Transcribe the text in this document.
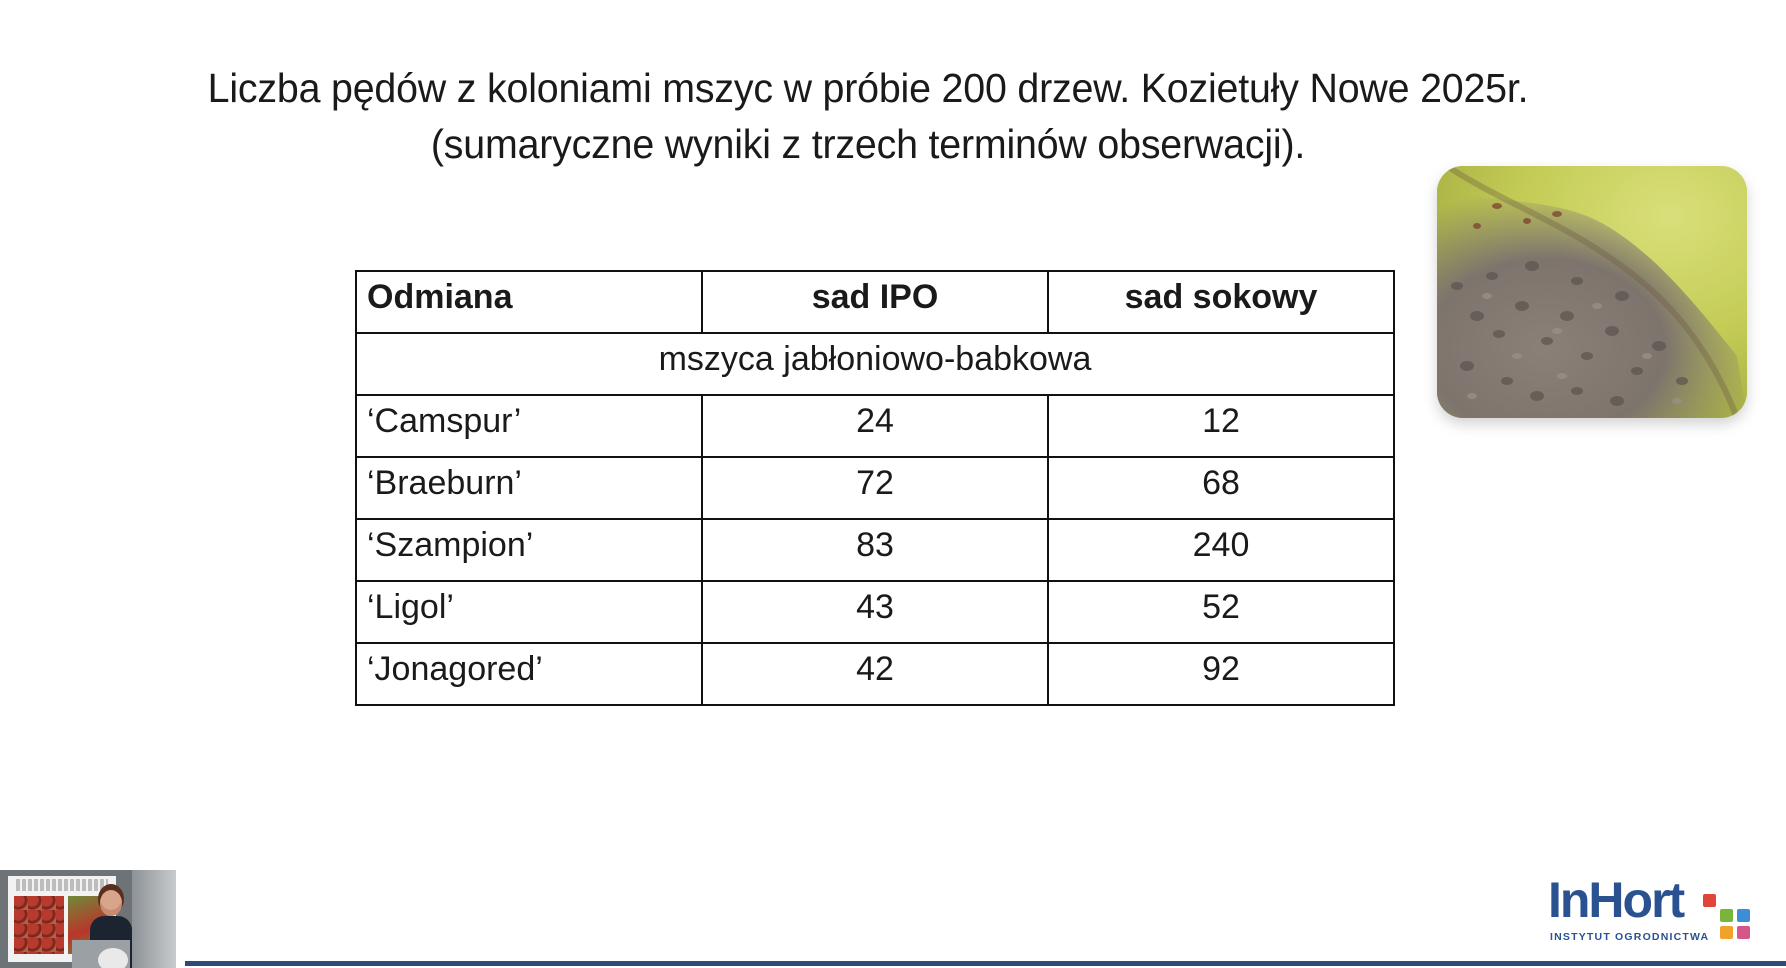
Liczba pędów z koloniami mszyc w próbie 200 drzew. Kozietuły Nowe 2025r.
(sumaryczne wyniki z trzech terminów obserwacji).
Odmiana	sad IPO	sad sokowy
mszyca jabłoniowo-babkowa		
‘Camspur’	24	12
‘Braeburn’	72	68
‘Szampion’	83	240
‘Ligol’	43	52
‘Jonagored’	42	92
InHort
INSTYTUT OGRODNICTWA
